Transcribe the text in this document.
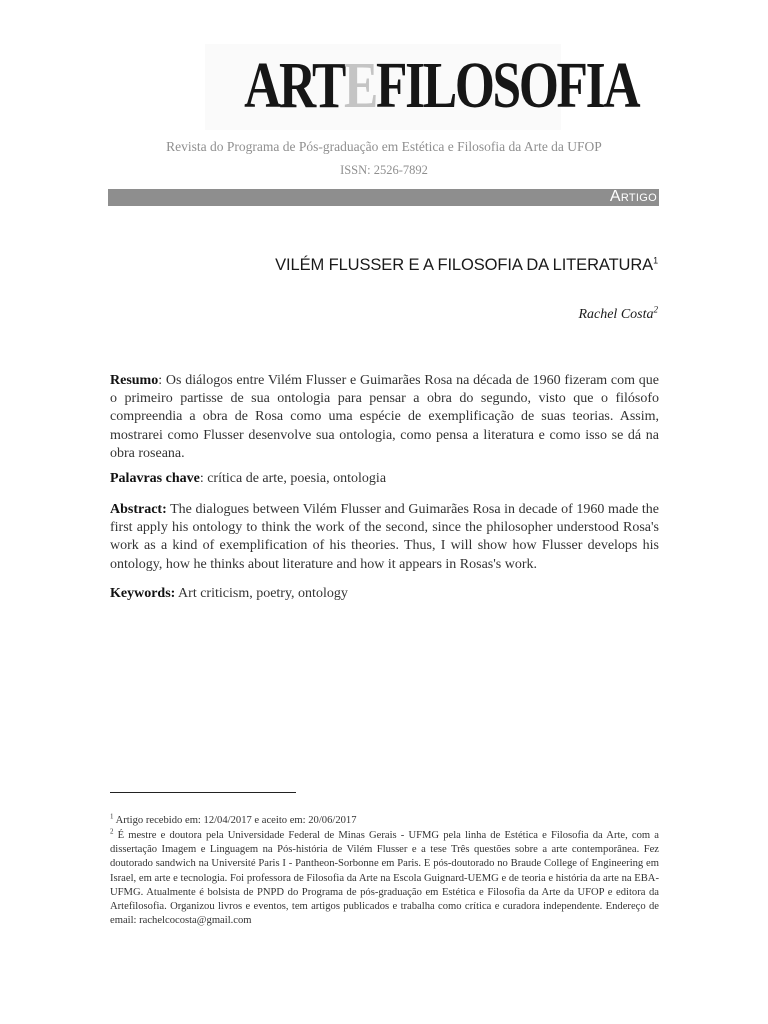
ARTEFILOSOFIA
Revista do Programa de Pós-graduação em Estética e Filosofia da Arte da UFOP
ISSN: 2526-7892
Artigo
VILÉM FLUSSER E A FILOSOFIA DA LITERATURA$^1$
Rachel Costa$^2$
Resumo: Os diálogos entre Vilém Flusser e Guimarães Rosa na década de 1960 fizeram com que o primeiro partisse de sua ontologia para pensar a obra do segundo, visto que o filósofo compreendia a obra de Rosa como uma espécie de exemplificação de suas teorias. Assim, mostrarei como Flusser desenvolve sua ontologia, como pensa a literatura e como isso se dá na obra roseana.
Palavras chave: crítica de arte, poesia, ontologia
Abstract: The dialogues between Vilém Flusser and Guimarães Rosa in decade of 1960 made the first apply his ontology to think the work of the second, since the philosopher understood Rosa's work as a kind of exemplification of his theories. Thus, I will show how Flusser develops his ontology, how he thinks about literature and how it appears in Rosas's work.
Keywords: Art criticism, poetry, ontology
$^1$ Artigo recebido em: 12/04/2017 e aceito em: 20/06/2017
$^2$ É mestre e doutora pela Universidade Federal de Minas Gerais - UFMG pela linha de Estética e Filosofia da Arte, com a dissertação Imagem e Linguagem na Pós-história de Vilém Flusser e a tese Três questões sobre a arte contemporânea. Fez doutorado sandwich na Université Paris I - Pantheon-Sorbonne em Paris. E pós-doutorado no Braude College of Engineering em Israel, em arte e tecnologia. Foi professora de Filosofia da Arte na Escola Guignard-UEMG e de teoria e história da arte na EBA-UFMG. Atualmente é bolsista de PNPD do Programa de pós-graduação em Estética e Filosofia da Arte da UFOP e editora da Artefilosofia. Organizou livros e eventos, tem artigos publicados e trabalha como crítica e curadora independente. Endereço de email: rachelcocosta@gmail.com
